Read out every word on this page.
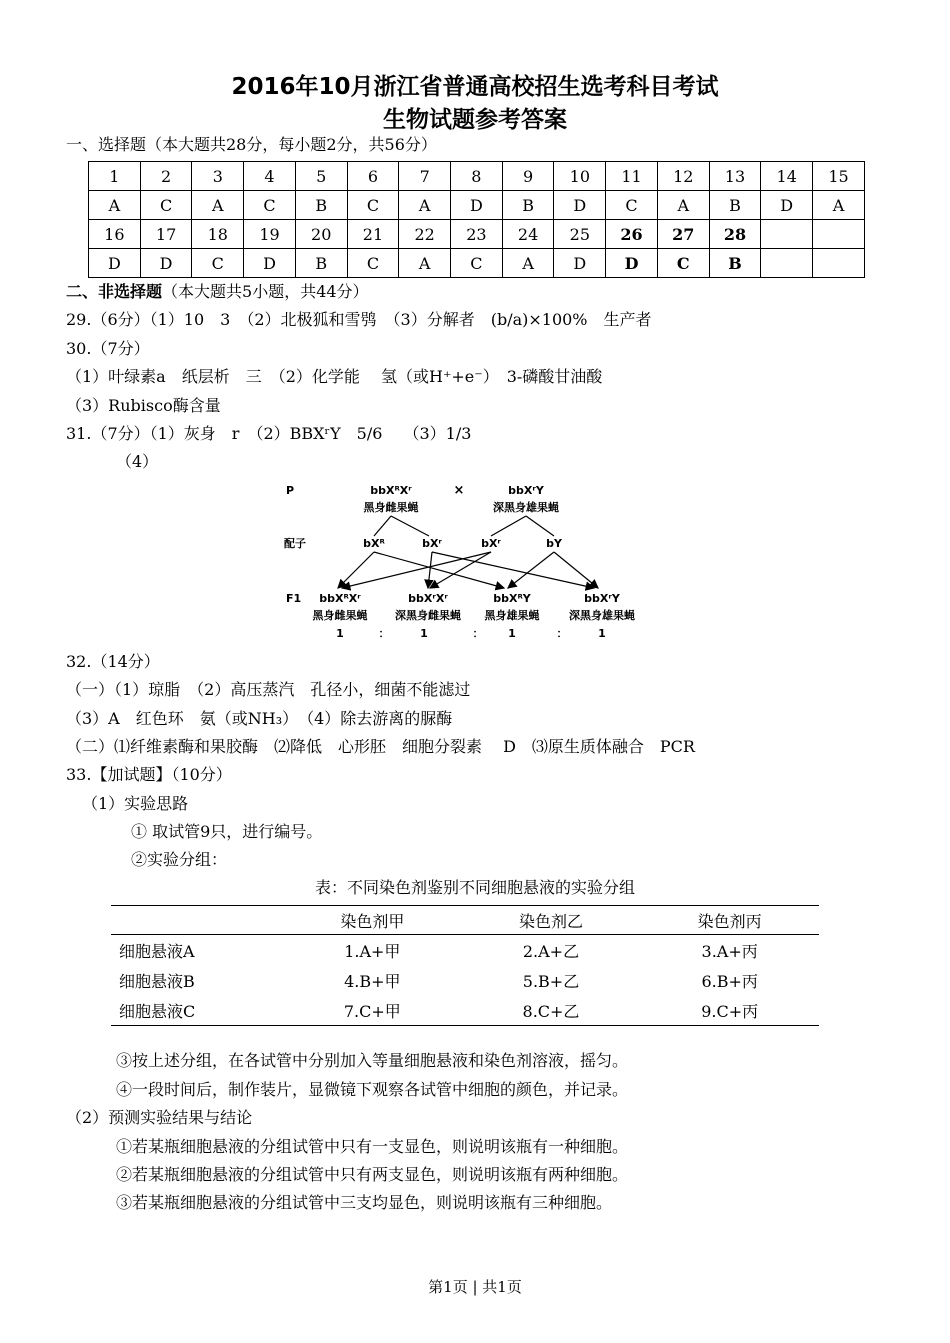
2016年10月浙江省普通高校招生选考科目考试
生物试题参考答案
一、选择题（本大题共28分，每小题2分，共56分）
1	2	3	4	5	6	7	8	9	10	11	12	13	14	15
A	C	A	C	B	C	A	D	B	D	C	A	B	D	A
16	17	18	19	20	21	22	23	24	25	26	27	28		
D	D	C	D	B	C	A	C	A	D	D	C	B		
二、非选择题（本大题共5小题，共44分）
29.（6分）（1）10　3　（2）北极狐和雪鸮　（3）分解者　(b/a)×100%　生产者
30.（7分）
（1）叶绿素a　纸层析　三　（2）化学能　 氢（或H⁺+e⁻）　3-磷酸甘油酸
（3）Rubisco酶含量
31.（7分）（1）灰身　r　（2）BBXʳY　5/6　 （3）1/3
（4）
P	bbXᴿXʳ	×	bbXʳY
黑身雌果蝇	深黑身雄果蝇
配子	bXᴿ	bXʳ	bXʳ	bY
F1 bbXᴿXʳ	bbXʳXʳ	bbXᴿY	bbXʳY
黑身雌果蝇	深黑身雌果蝇 黑身雄果蝇	深黑身雄果蝇
1	：	1	： 1	：	1
32.（14分）
（一）（1）琼脂　（2）高压蒸汽　孔径小，细菌不能滤过
（3）A　红色环　氨（或NH₃）　（4）除去游离的脲酶
（二）⑴纤维素酶和果胶酶　⑵降低　心形胚　细胞分裂素　 D　⑶原生质体融合　PCR
33.【加试题】（10分）
（1）实验思路
① 取试管9只，进行编号。
②实验分组：
表：不同染色剂鉴别不同细胞悬液的实验分组
	染色剂甲	染色剂乙	染色剂丙
细胞悬液A	1.A+甲	2.A+乙	3.A+丙
细胞悬液B	4.B+甲	5.B+乙	6.B+丙
细胞悬液C	7.C+甲	8.C+乙	9.C+丙
③按上述分组，在各试管中分别加入等量细胞悬液和染色剂溶液，摇匀。
④一段时间后，制作装片，显微镜下观察各试管中细胞的颜色，并记录。
（2）预测实验结果与结论
①若某瓶细胞悬液的分组试管中只有一支显色，则说明该瓶有一种细胞。
②若某瓶细胞悬液的分组试管中只有两支显色，则说明该瓶有两种细胞。
③若某瓶细胞悬液的分组试管中三支均显色，则说明该瓶有三种细胞。
第1页 | 共1页
